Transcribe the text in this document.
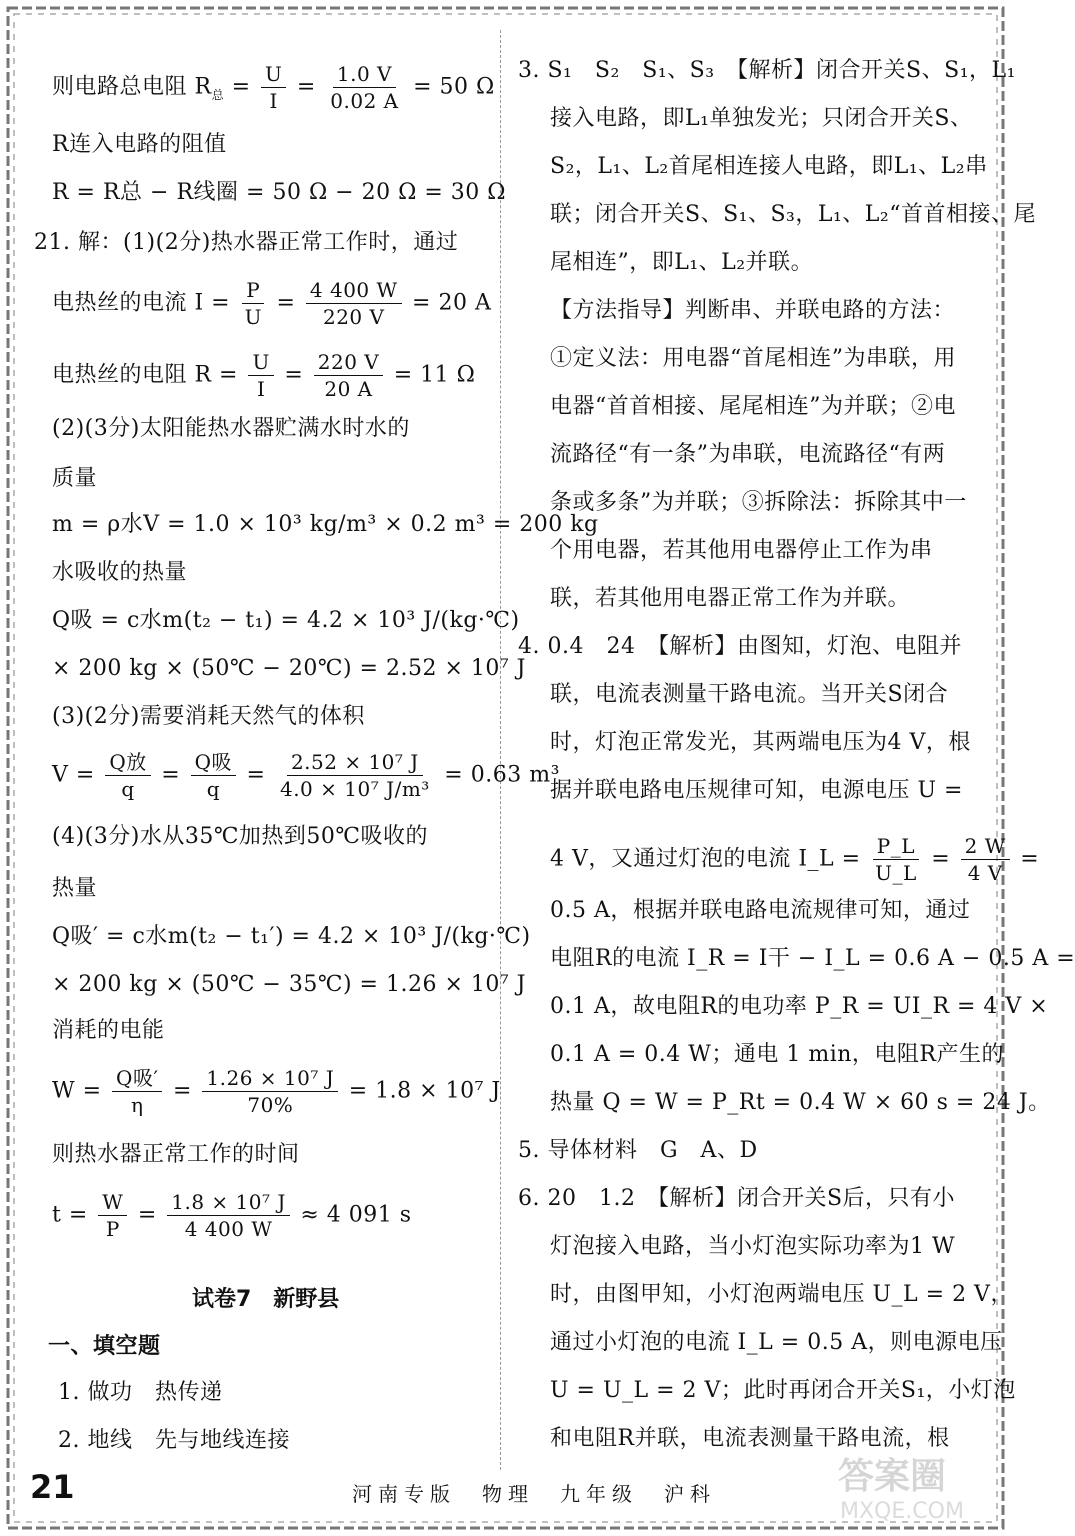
则电路总电阻 $R_总 = \frac{U}{I} = \frac{1.0 V}{0.02 A} = 50$ Ω
R连入电路的阻值
R = R总 − R线圈 = 50 Ω − 20 Ω = 30 Ω
21. 解：(1)(2分)热水器正常工作时，通过
电热丝的电流 $I = \frac{P}{U} = \frac{4 400 W}{220 V} = 20$ A
电热丝的电阻 $R = \frac{U}{I} = \frac{220 V}{20 A} = 11$ Ω
(2)(3分)太阳能热水器贮满水时水的
质量
m = ρ水V = 1.0 × 10³ kg/m³ × 0.2 m³ = 200 kg
水吸收的热量
Q吸 = c水m(t₂ − t₁) = 4.2 × 10³ J/(kg·℃)
× 200 kg × (50℃ − 20℃) = 2.52 × 10⁷ J
(3)(2分)需要消耗天然气的体积
$V = \frac{\text{Q放}}{q} = \frac{\text{Q吸}}{q} = \frac{\text{2.52 × 10⁷ J}}{\text{4.0 × 10⁷ J/m³}} = 0.63$ m³
(4)(3分)水从35℃加热到50℃吸收的
热量
Q吸′ = c水m(t₂ − t₁′) = 4.2 × 10³ J/(kg·℃)
× 200 kg × (50℃ − 35℃) = 1.26 × 10⁷ J
消耗的电能
$W = \frac{\text{Q吸′}}{\eta} = \frac{\text{1.26 × 10⁷ J}}{70\%} = 1.8 \times 10^7$ J
则热水器正常工作的时间
$t = \frac{W}{P} = \frac{\text{1.8 × 10⁷ J}}{4 400 W} \approx 4$ 091 s
试卷7　新野县
一、填空题
1. 做功　热传递
2. 地线　先与地线连接
3. S₁　S₂　S₁、S₃　【解析】闭合开关S、S₁，L₁
接入电路，即L₁单独发光；只闭合开关S、
S₂，L₁、L₂首尾相连接人电路，即L₁、L₂串
联；闭合开关S、S₁、S₃，L₁、L₂“首首相接、尾
尾相连”，即L₁、L₂并联。
【方法指导】判断串、并联电路的方法：
①定义法：用电器“首尾相连”为串联，用
电器“首首相接、尾尾相连”为并联；②电
流路径“有一条”为串联，电流路径“有两
条或多条”为并联；③拆除法：拆除其中一
个用电器，若其他用电器停止工作为串
联，若其他用电器正常工作为并联。
4. 0.4　24　【解析】由图知，灯泡、电阻并
联，电流表测量干路电流。当开关S闭合
时，灯泡正常发光，其两端电压为4 V，根
据并联电路电压规律可知，电源电压 U =
4 V，又通过灯泡的电流 I_L = $\frac{P\_L}{U\_L} = \frac{2 W}{4 V}$ =
0.5 A，根据并联电路电流规律可知，通过
电阻R的电流 I_R = I干 − I_L = 0.6 A − 0.5 A =
0.1 A，故电阻R的电功率 P_R = UI_R = 4 V ×
0.1 A = 0.4 W；通电 1 min，电阻R产生的
热量 Q = W = P_Rt = 0.4 W × 60 s = 24 J。
5. 导体材料　G　A、D
6. 20　1.2　【解析】闭合开关S后，只有小
灯泡接入电路，当小灯泡实际功率为1 W
时，由图甲知，小灯泡两端电压 U_L = 2 V，
通过小灯泡的电流 I_L = 0.5 A，则电源电压
U = U_L = 2 V；此时再闭合开关S₁，小灯泡
和电阻R并联，电流表测量干路电流，根
21	河南专版　物理　九年级　沪科	答案圈
MXQE.COM
